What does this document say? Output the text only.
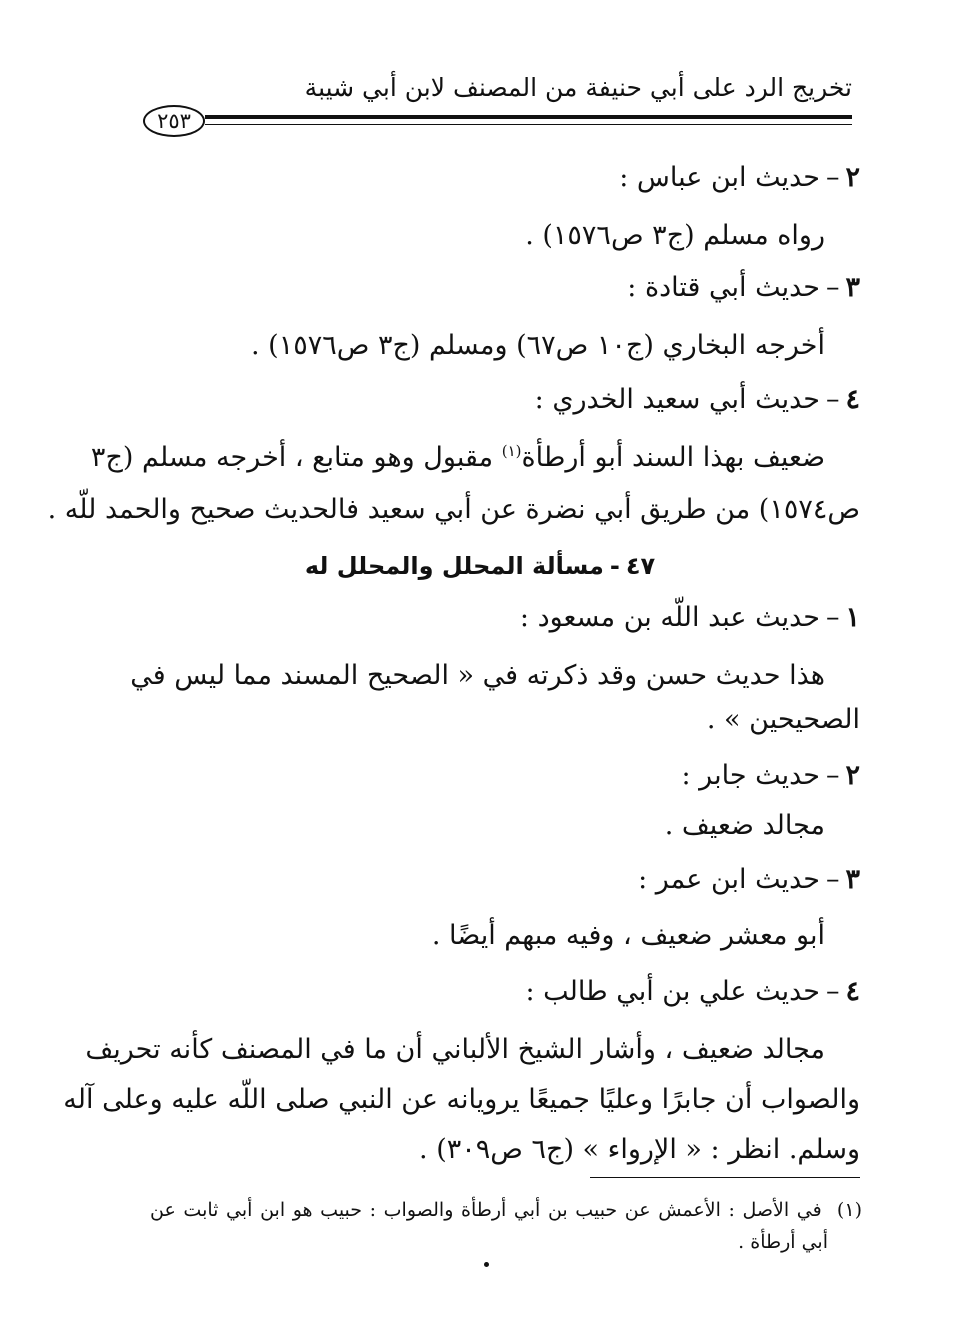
تخريج الرد على أبي حنيفة من المصنف لابن أبي شيبة
٢٥٣
٢–حديث ابن عباس :
رواه مسلم (ج٣ ص١٥٧٦) .
٣–حديث أبي قتادة :
أخرجه البخاري (ج١٠ ص٦٧) ومسلم (ج٣ ص١٥٧٦) .
٤–حديث أبي سعيد الخدري :
ضعيف بهذا السند أبو أرطأة$^{(١)}$ مقبول وهو متابع ، أخرجه مسلم (ج٣
ص١٥٧٤) من طريق أبي نضرة عن أبي سعيد فالحديث صحيح والحمد للّه .
٤٧-مسألة المحلل والمحلل له
١–حديث عبد اللّه بن مسعود :
هذا حديث حسن وقد ذكرته في « الصحيح المسند مما ليس في
الصحيحين » .
٢–حديث جابر :
مجالد ضعيف .
٣–حديث ابن عمر :
أبو معشر ضعيف ، وفيه مبهم أيضًا .
٤–حديث علي بن أبي طالب :
مجالد ضعيف ، وأشار الشيخ الألباني أن ما في المصنف كأنه تحريف
والصواب أن جابرًا وعليًا جميعًا يرويانه عن النبي صلى اللّه عليه وعلى آله
وسلم. انظر : « الإرواء » (ج٦ ص٣٠٩) .
(١)  في الأصل : الأعمش عن حبيب بن أبي أرطأة والصواب : حبيب هو ابن أبي ثابت عن
أبي أرطأة .
